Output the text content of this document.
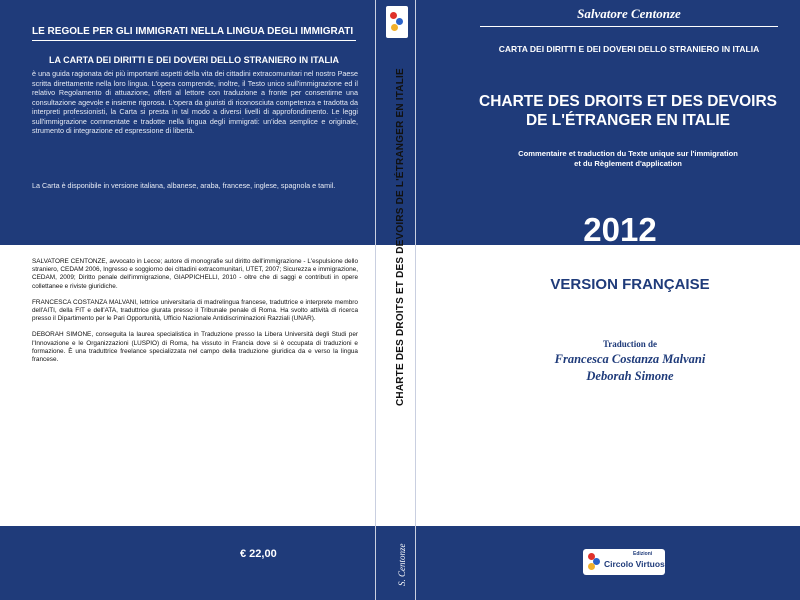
CHARTE DES DROITS ET DES DEVOIRS DE L'ÉTRANGER EN ITALIE
S. Centonze
LE REGOLE PER GLI IMMIGRATI NELLA LINGUA DEGLI IMMIGRATI
LA CARTA DEI DIRITTI E DEI DOVERI DELLO STRANIERO IN ITALIA
è una guida ragionata dei più importanti aspetti della vita dei cittadini extracomunitari nel nostro Paese scritta direttamente nella loro lingua. L'opera comprende, inoltre, il Testo unico sull'immigrazione ed il relativo Regolamento di attuazione, offerti al lettore con traduzione a fronte per consentirne una consultazione agevole e insieme rigorosa. L'opera da giuristi di riconosciuta competenza e tradotta da interpreti professionisti, la Carta si presta in tal modo a diversi livelli di approfondimento. Le leggi sull'immigrazione commentate e tradotte nella lingua degli immigrati: un'idea semplice e originale, strumento di integrazione ed espressione di libertà.
La Carta è disponibile in versione italiana, albanese, araba, francese, inglese, spagnola e tamil.

SALVATORE CENTONZE, avvocato in Lecce; autore di monografie sul diritto dell'immigrazione - L'espulsione dello straniero, CEDAM 2006, Ingresso e soggiorno dei cittadini extracomunitari, UTET, 2007; Sicurezza e immigrazione, CEDAM, 2009; Diritto penale dell'immigrazione, GIAPPICHELLI, 2010 - oltre che di saggi e contributi in opere collettanee e riviste giuridiche.

FRANCESCA COSTANZA MALVANI, lettrice universitaria di madrelingua francese, traduttrice e interprete membro dell'AITI, della FIT e dell'ATA, traduttrice giurata presso il Tribunale penale di Roma. Ha svolto attività di ricerca presso il Dipartimento per le Pari Opportunità, Ufficio Nazionale Antidiscriminazioni Razziali (UNAR).

DEBORAH SIMONE, conseguita la laurea specialistica in Traduzione presso la Libera Università degli Studi per l'Innovazione e le Organizzazioni (LUSPIO) di Roma, ha vissuto in Francia dove si è occupata di traduzioni e formazione. È una traduttrice freelance specializzata nel campo della traduzione giuridica da e verso la lingua francese.

€ 22,00
Salvatore Centonze
CARTA DEI DIRITTI E DEI DOVERI DELLO STRANIERO IN ITALIA
CHARTE DES DROITS ET DES DEVOIRS
DE L'ÉTRANGER EN ITALIE
Commentaire et traduction du Texte unique sur l'immigration
et du Règlement d'application
2012
VERSION FRANÇAISE
Traduction de
Francesca Costanza Malvani
Deborah Simone
Edizioni
Circolo Virtuoso
